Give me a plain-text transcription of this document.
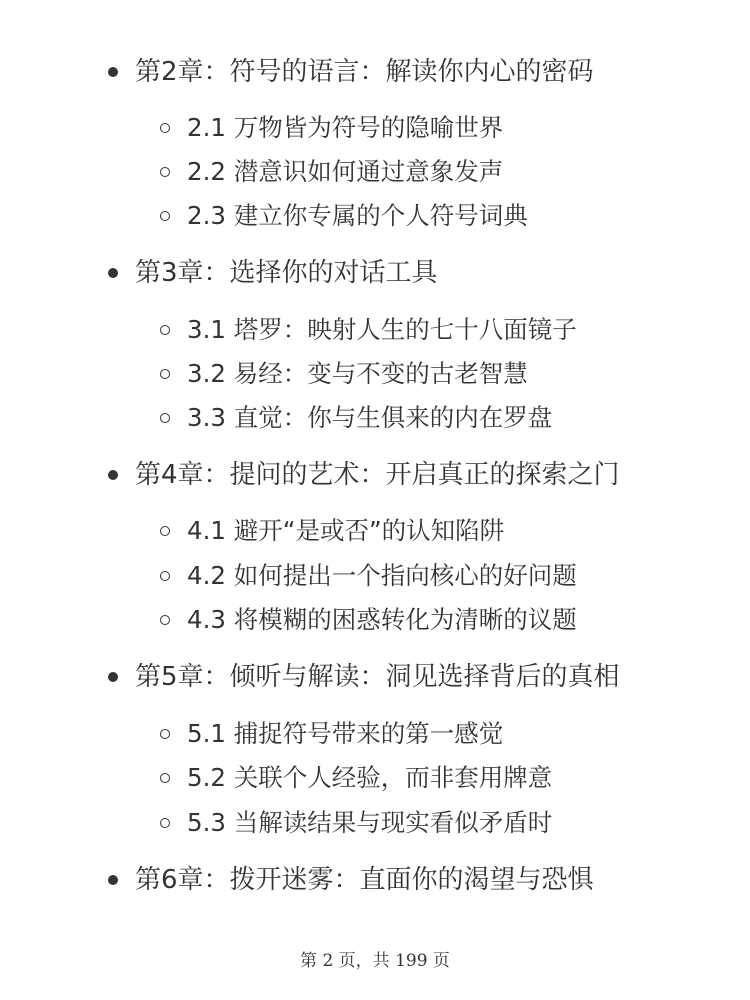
第2章：符号的语言：解读你内心的密码
2.1 万物皆为符号的隐喻世界
2.2 潜意识如何通过意象发声
2.3 建立你专属的个人符号词典
第3章：选择你的对话工具
3.1 塔罗：映射人生的七十八面镜子
3.2 易经：变与不变的古老智慧
3.3 直觉：你与生俱来的内在罗盘
第4章：提问的艺术：开启真正的探索之门
4.1 避开“是或否”的认知陷阱
4.2 如何提出一个指向核心的好问题
4.3 将模糊的困惑转化为清晰的议题
第5章：倾听与解读：洞见选择背后的真相
5.1 捕捉符号带来的第一感觉
5.2 关联个人经验，而非套用牌意
5.3 当解读结果与现实看似矛盾时
第6章：拨开迷雾：直面你的渴望与恐惧
第 2 页，共 199 页
